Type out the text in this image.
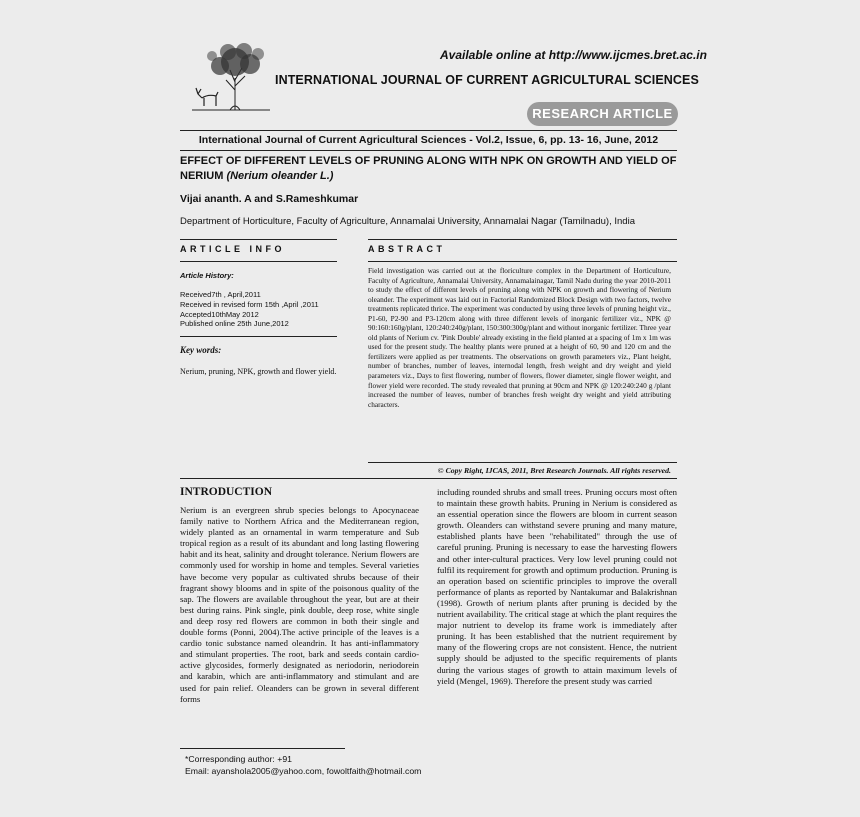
Available online at http://www.ijcmes.bret.ac.in
INTERNATIONAL JOURNAL OF CURRENT AGRICULTURAL SCIENCES
RESEARCH ARTICLE
International Journal of Current Agricultural Sciences - Vol.2, Issue, 6, pp. 13- 16, June, 2012
EFFECT OF DIFFERENT LEVELS OF PRUNING ALONG WITH NPK ON GROWTH AND YIELD OF NERIUM (Nerium oleander L.)
Vijai ananth. A and S.Rameshkumar
Department of Horticulture, Faculty of Agriculture, Annamalai University, Annamalai Nagar (Tamilnadu), India
ARTICLE INFO	ABSTRACT
Article History:
Received7th , April,2011
Received in revised form 15th ,April ,2011
Accepted10thMay 2012
Published online 25th June,2012
Key words:
Nerium, pruning, NPK, growth and flower yield.
Field investigation was carried out at the floriculture complex in the Department of Horticulture, Faculty of Agriculture, Annamalai University, Annamalainagar, Tamil Nadu during the year 2010-2011 to study the effect of different levels of pruning along with NPK on growth and flowering of Nerium oleander. The experiment was laid out in Factorial Randomized Block Design with two factors, twelve treatments replicated thrice. The experiment was conducted by using three levels of pruning height viz., P1-60, P2-90 and P3-120cm along with three different levels of inorganic fertilizer viz., NPK @ 90:160:160g/plant, 120:240:240g/plant, 150:300:300g/plant and without inorganic fertilizer. Three year old plants of Nerium cv. 'Pink Double' already existing in the field planted at a spacing of 1m x 1m was used for the present study. The healthy plants were pruned at a height of 60, 90 and 120 cm and the fertilizers were applied as per treatments. The observations on growth parameters viz., Plant height, number of branches, number of leaves, internodal length, fresh weight and dry weight and yield parameters viz., Days to first flowering, number of flowers, flower diameter, single flower weight, and flower yield were recorded. The study revealed that pruning at 90cm and NPK @ 120:240:240 g /plant increased the number of leaves, number of branches fresh weight dry weight and yield attributing characters.
© Copy Right, IJCAS, 2011, Bret Research Journals. All rights reserved.
INTRODUCTION
Nerium is an evergreen shrub species belongs to Apocynaceae family native to Northern Africa and the Mediterranean region, widely planted as an ornamental in warm temperature and Sub tropical region as a result of its abundant and long lasting flowering habit and its heat, salinity and drought tolerance. Nerium flowers are commonly used for worship in home and temples. Several varieties have become very popular as cultivated shrubs because of their fragrant showy blooms and in spite of the poisonous quality of the sap. The flowers are available throughout the year, but are at their best during rains. Pink single, pink double, deep rose, white single and deep rosy red flowers are common in both their single and double forms (Ponni, 2004).The active principle of the leaves is a cardio tonic substance named oleandrin. It has anti-inflammatory and stimulant properties. The root, bark and seeds contain cardio-active glycosides, formerly designated as neriodorin, neriodorein and karabin, which are anti-inflammatory and stimulant and are used for pain relief. Oleanders can be grown in several different forms
including rounded shrubs and small trees. Pruning occurs most often to maintain these growth habits. Pruning in Nerium is considered as an essential operation since the flowers are bloom in current season growth. Oleanders can withstand severe pruning and many mature, established plants have been "rehabilitated" through the use of careful pruning. Pruning is necessary to ease the harvesting flowers and other inter-cultural practices. Very low level pruning could not fulfil its requirement for growth and optimum production. Pruning is an operation based on scientific principles to improve the overall performance of plants as reported by Nantakumar and Balakrishnan (1998). Growth of nerium plants after pruning is decided by the nutrient availability. The critical stage at which the plant requires the major nutrient to develop its frame work is immediately after pruning. It has been established that the nutrient requirement by many of the flowering crops are not consistent. Hence, the nutrient supply should be adjusted to the specific requirements of plants during the various stages of growth to attain maximum levels of yield (Mengel, 1969). Therefore the present study was carried
*Corresponding author: +91
Email: ayanshola2005@yahoo.com, fowoltfaith@hotmail.com
